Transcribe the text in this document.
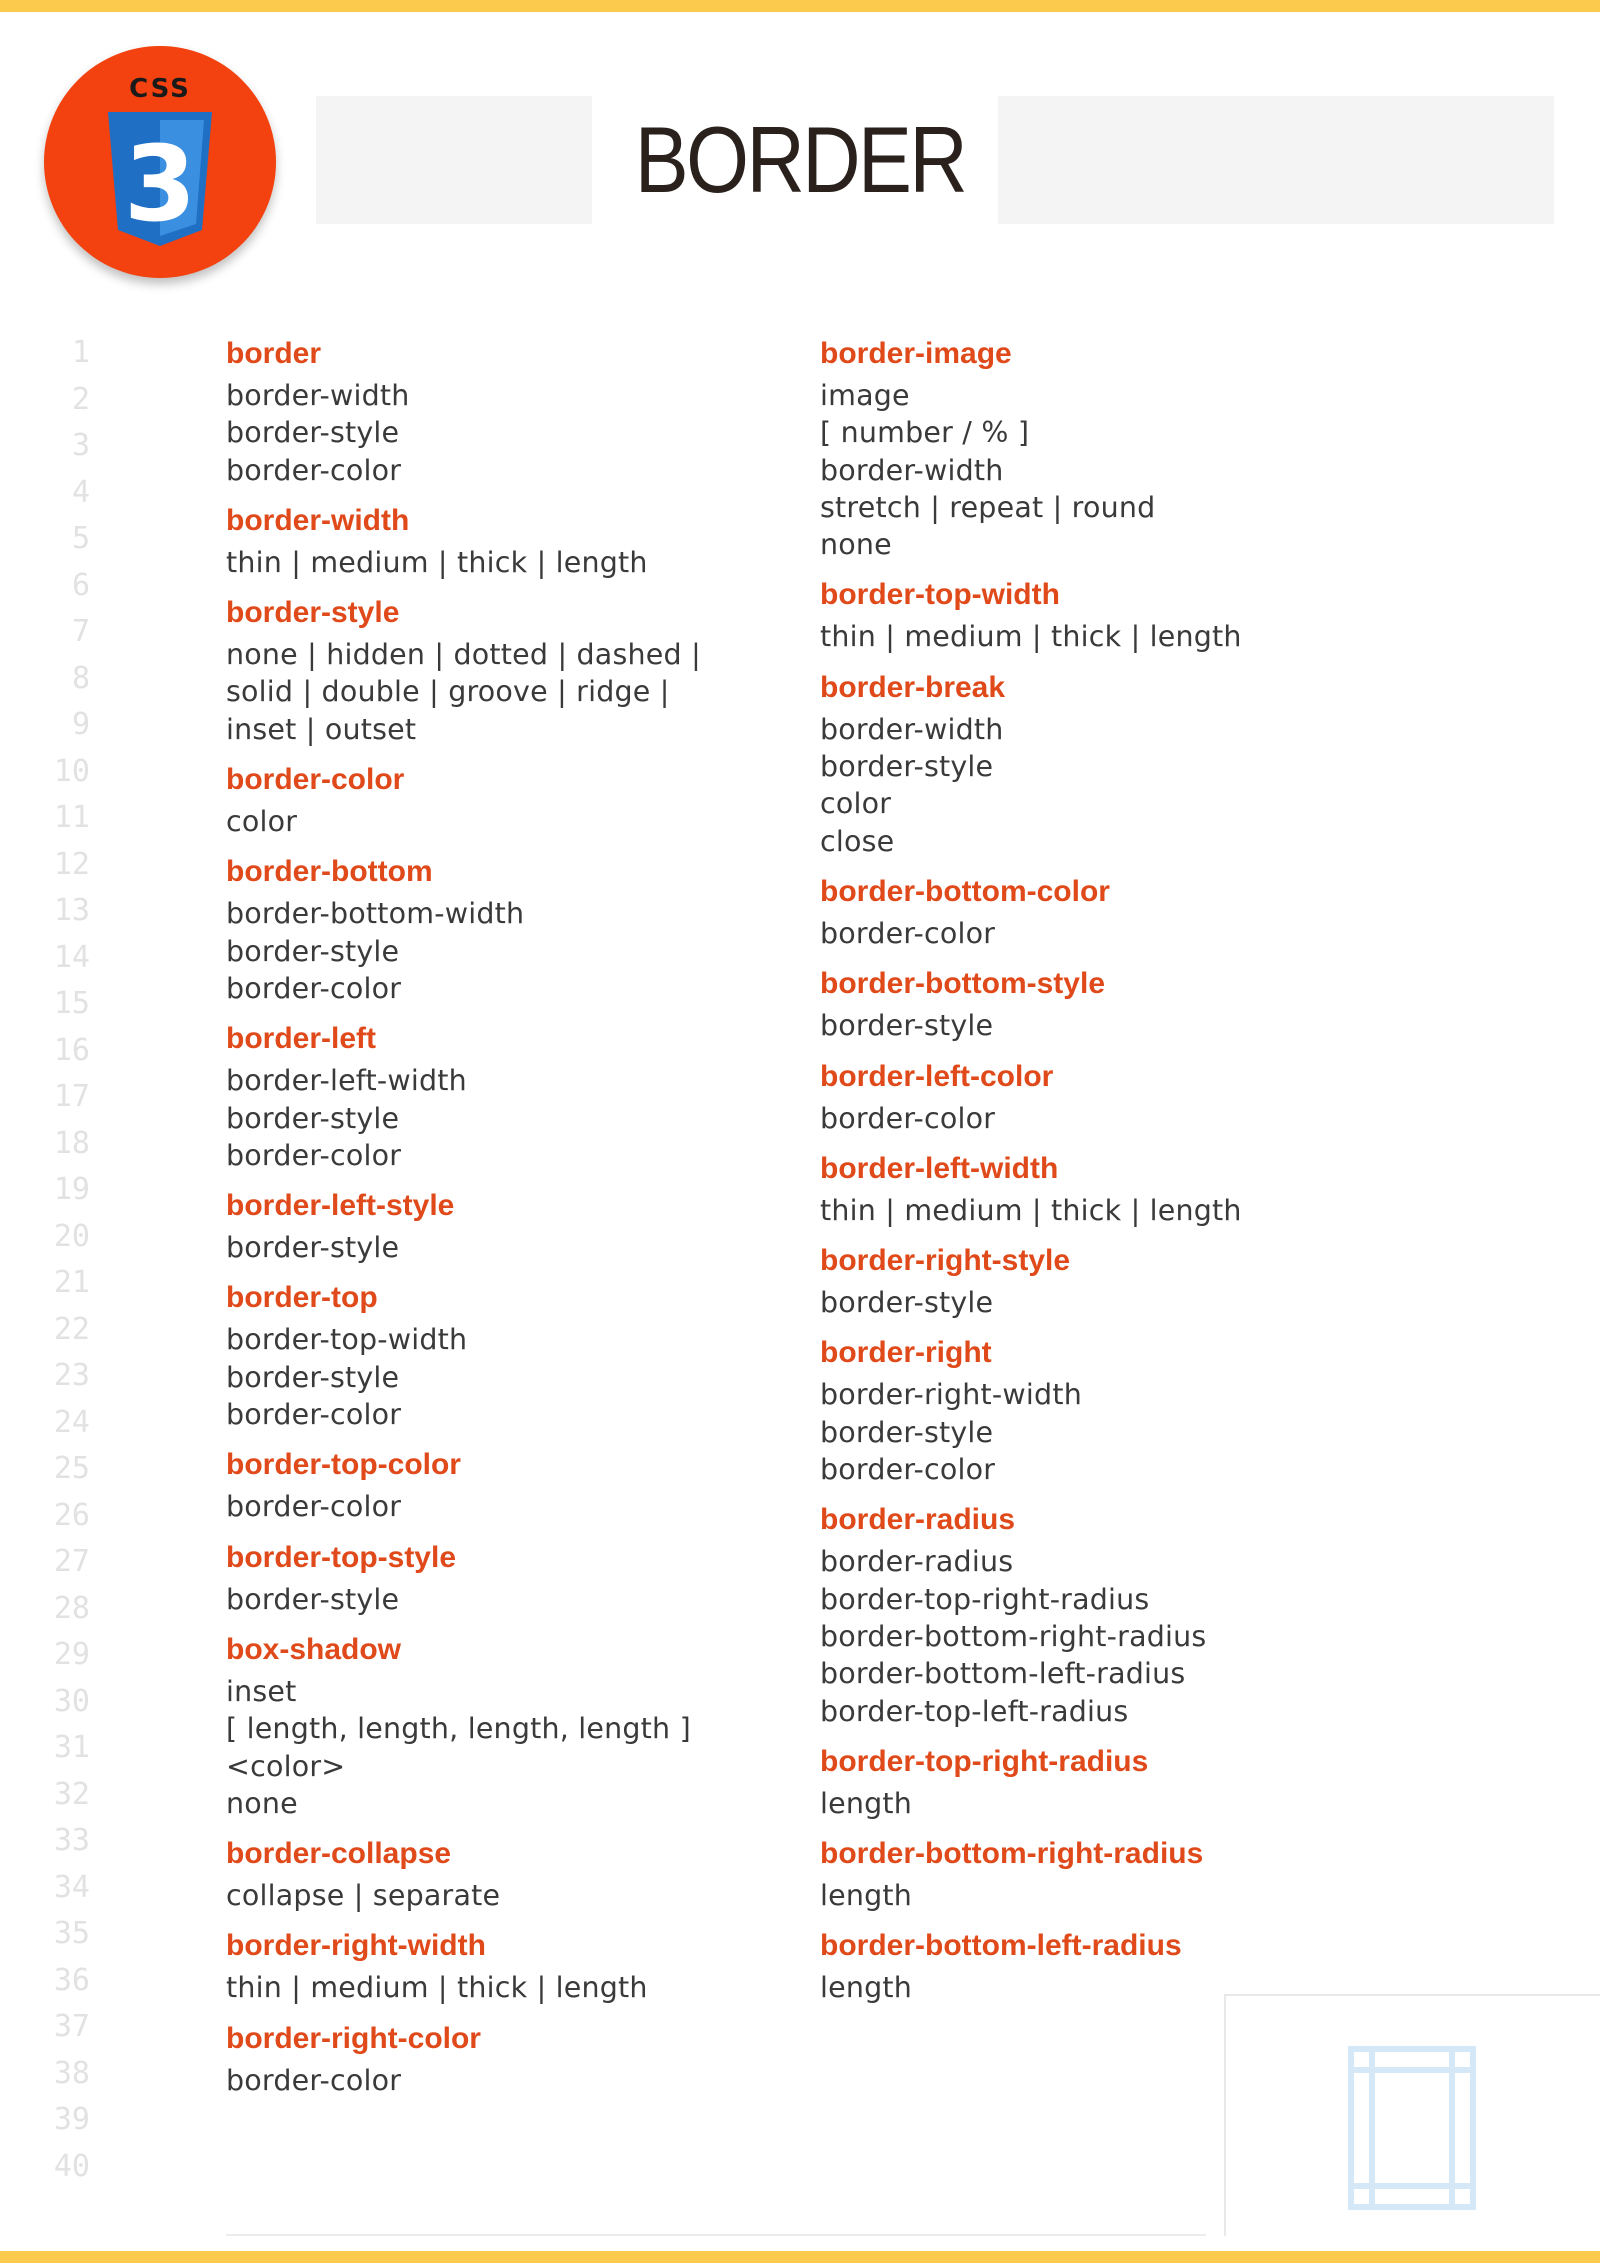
CSS
3	BORDER
1
2
3
4
5
6
7
8
9
10
11
12
13
14
15
16
17
18
19
20
21
22
23
24
25
26
27
28
29
30
31
32
33
34
35
36
37
38
39
40
border
border-width
border-style
border-color
border-width
thin | medium | thick | length
border-style
none | hidden | dotted | dashed |
solid | double | groove | ridge |
inset | outset
border-color
color
border-bottom
border-bottom-width
border-style
border-color
border-left
border-left-width
border-style
border-color
border-left-style
border-style
border-top
border-top-width
border-style
border-color
border-top-color
border-color
border-top-style
border-style
box-shadow
inset
[ length, length, length, length ]
<color>
none
border-collapse
collapse | separate
border-right-width
thin | medium | thick | length
border-right-color
border-color
border-image
image
[ number / % ]
border-width
stretch | repeat | round
none
border-top-width
thin | medium | thick | length
border-break
border-width
border-style
color
close
border-bottom-color
border-color
border-bottom-style
border-style
border-left-color
border-color
border-left-width
thin | medium | thick | length
border-right-style
border-style
border-right
border-right-width
border-style
border-color
border-radius
border-radius
border-top-right-radius
border-bottom-right-radius
border-bottom-left-radius
border-top-left-radius
border-top-right-radius
length
border-bottom-right-radius
length
border-bottom-left-radius
length
